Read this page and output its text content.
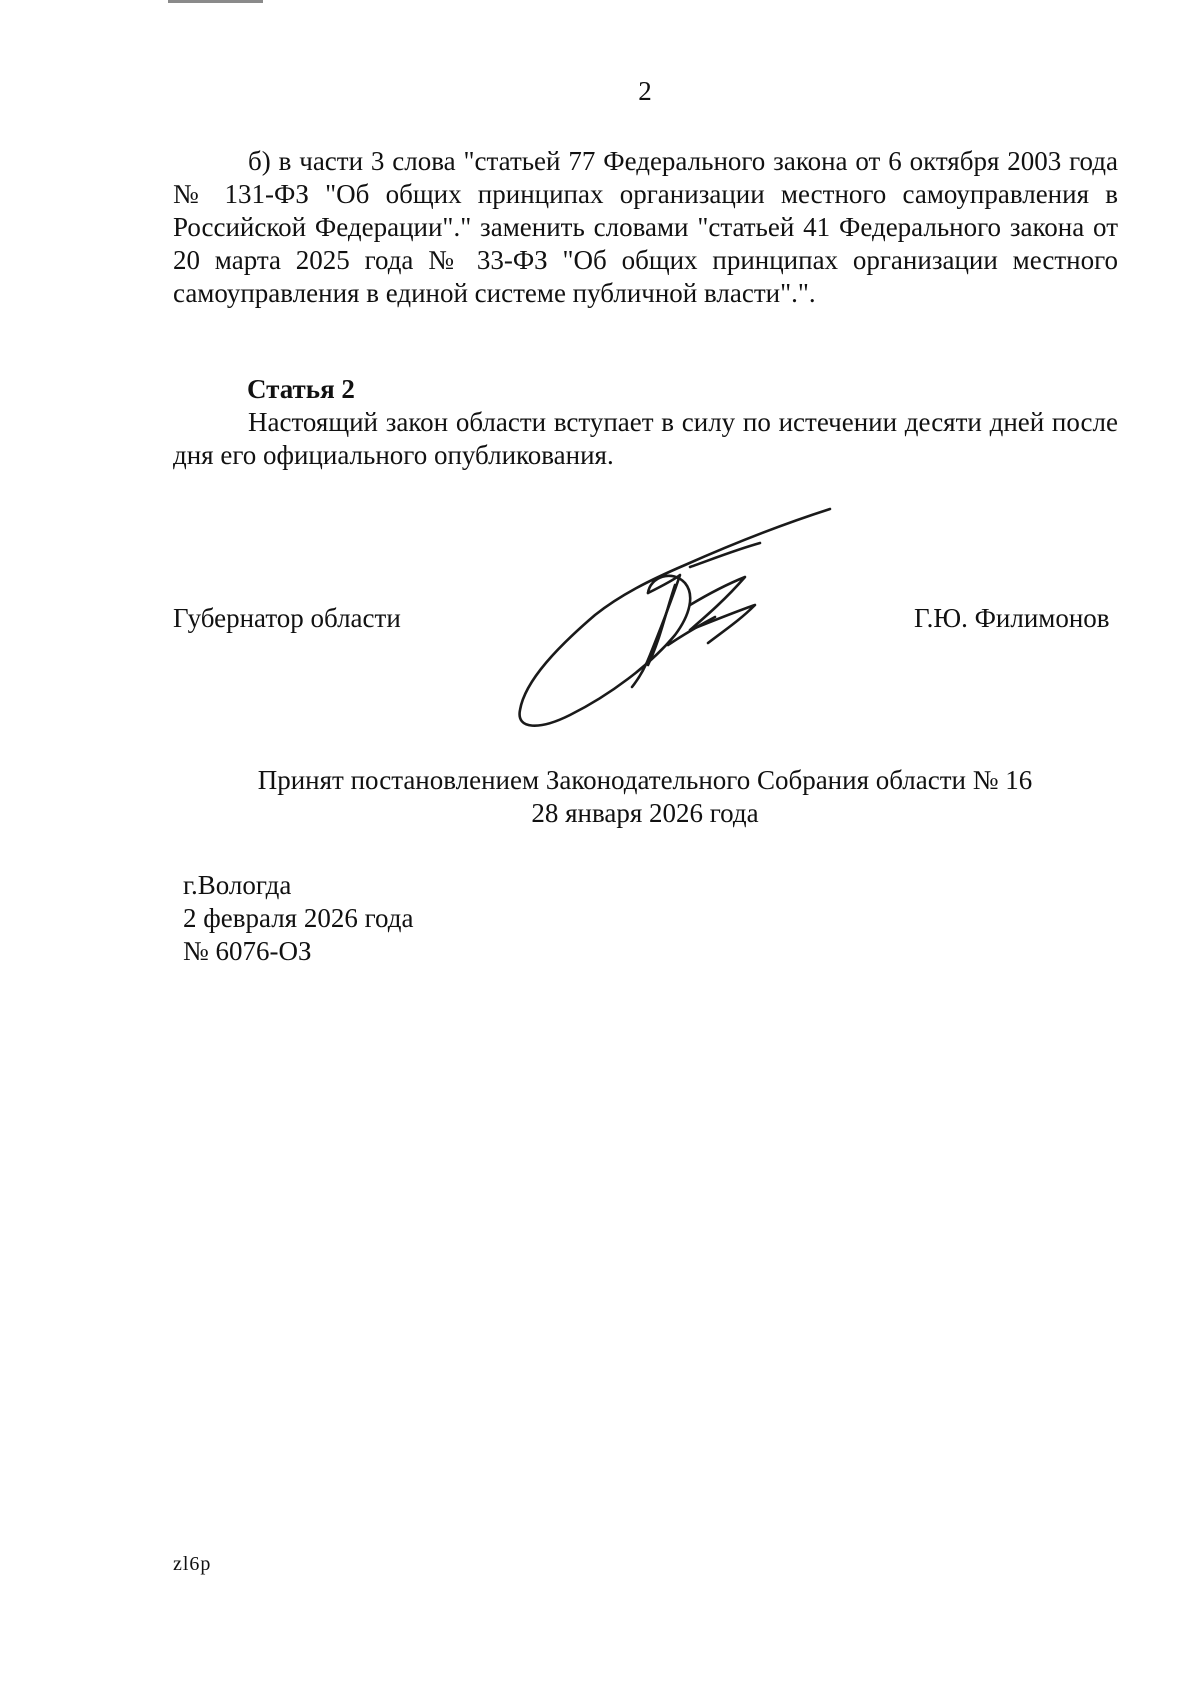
2

б) в части 3 слова "статьей 77 Федерального закона от 6 октября 2003 года № 131-ФЗ "Об общих принципах организации местного самоуправления в Российской Федерации"." заменить словами "статьей 41 Федерального закона от 20 марта 2025 года № 33-ФЗ "Об общих принципах организации местного самоуправления в единой системе публичной власти".".

Статья 2

Настоящий закон области вступает в силу по истечении десяти дней после дня его официального опубликования.

Губернатор области	Г.Ю. Филимонов
Принят постановлением Законодательного Собрания области № 16
28 января 2026 года
г.Вологда
2 февраля 2026 года
№ 6076-ОЗ
zl6p
